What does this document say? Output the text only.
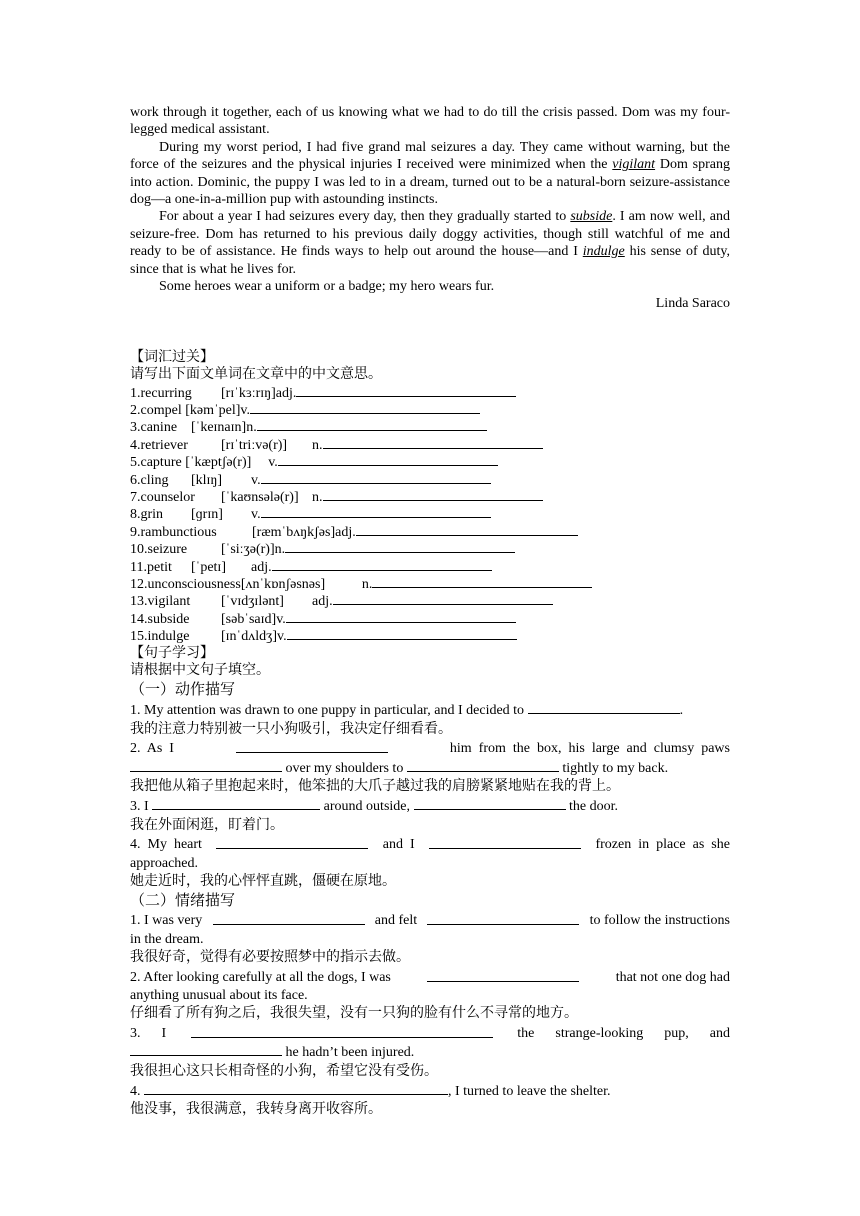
work through it together, each of us knowing what we had to do till the crisis passed. Dom was my four-legged medical assistant.

During my worst period, I had five grand mal seizures a day. They came without warning, but the force of the seizures and the physical injuries I received were minimized when the vigilant Dom sprang into action. Dominic, the puppy I was led to in a dream, turned out to be a natural-born seizure-assistance dog—a one-in-a-million pup with astounding instincts.

For about a year I had seizures every day, then they gradually started to subside. I am now well, and seizure-free. Dom has returned to his previous daily doggy activities, though still watchful of me and ready to be of assistance. He finds ways to help out around the house—and I indulge his sense of duty, since that is what he lives for.

Some heroes wear a uniform or a badge; my hero wears fur.

Linda Saraco

【词汇过关】

请写出下面文单词在文章中的中文意思。

1.recurring [rɪˈkɜːrɪŋ]adj.
2.compel [kəmˈpel]v.
3.canine [ˈkeɪnaɪn]n.
4.retriever [rɪˈtriːvə(r)] n.
5.capture [ˈkæptʃə(r)] v.
6.cling [klɪŋ] v.
7.counselor [ˈkaʊnsələ(r)] n.
8.grin [ɡrɪn] v.
9.rambunctious	[ræmˈbʌŋkʃəs]adj.
10.seizure [ˈsiːʒə(r)]n.
11.petit [ˈpetɪ] adj.
12.unconsciousness[ʌnˈkɒnʃəsnəs]	n.
13.vigilant [ˈvɪdʒɪlənt] adj.
14.subside [səbˈsaɪd]v.
15.indulge [ɪnˈdʌldʒ]v.

【句子学习】

请根据中文句子填空。

（一）动作描写

1. My attention was drawn to one puppy in particular, and I decided to	.

我的注意力特别被一只小狗吸引，我决定仔细看看。

2.  As  I	him  from  the  box,  his  large  and  clumsy  paws

over my shoulders to	tightly to my back.

我把他从箱子里抱起来时，他笨拙的大爪子越过我的肩膀紧紧地贴在我的背上。

3. I	around outside,	the door.

我在外面闲逛，盯着门。

4.  My  heart	and  I	frozen  in  place  as  she

approached.

她走近时，我的心怦怦直跳，僵硬在原地。

（二）情绪描写

1. I was very	and felt	to follow the instructions

in the dream.

我很好奇，觉得有必要按照梦中的指示去做。

2. After looking carefully at all the dogs, I was	that not one dog had

anything unusual about its face.

仔细看了所有狗之后，我很失望，没有一只狗的脸有什么不寻常的地方。

3.      I	the      strange-looking      pup,      and

he hadn’t been injured.

我很担心这只长相奇怪的小狗，希望它没有受伤。

4.	, I turned to leave the shelter.

他没事，我很满意，我转身离开收容所。
